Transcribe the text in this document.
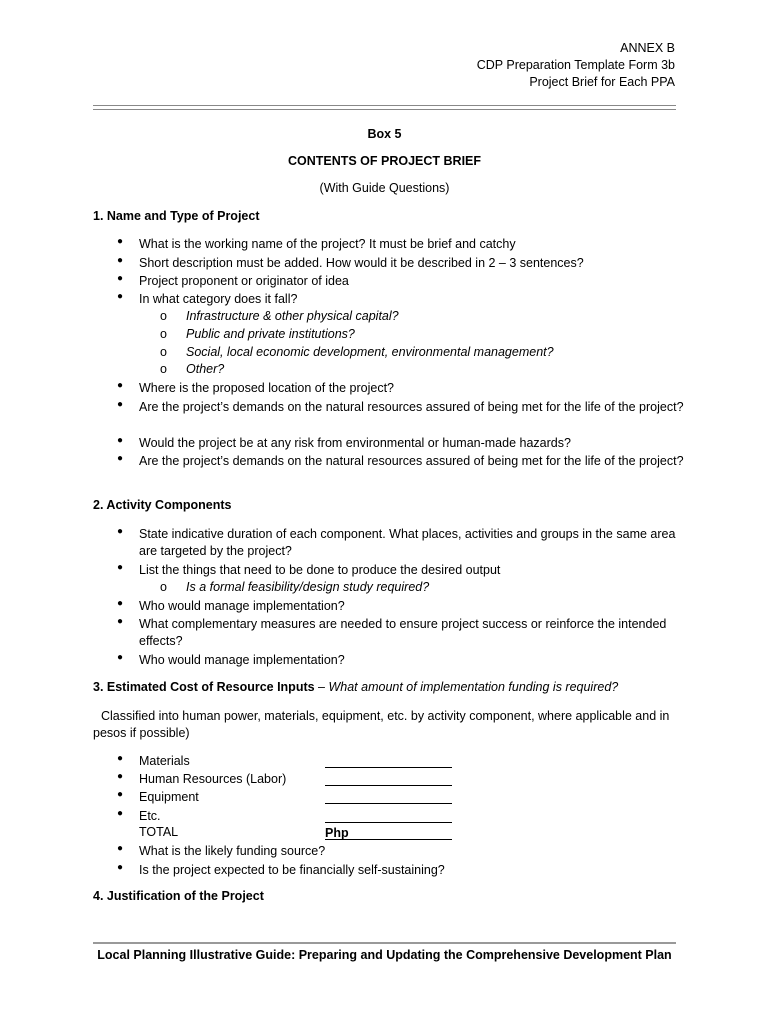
ANNEX B
CDP Preparation Template Form 3b
Project Brief for Each PPA
Box 5
CONTENTS OF PROJECT BRIEF
(With Guide Questions)
1. Name and Type of Project
● What is the working name of the project? It must be brief and catchy
● Short description must be added. How would it be described in 2 – 3 sentences?
● Project proponent or originator of idea
● In what category does it fall?
o Infrastructure & other physical capital?
o Public and private institutions?
o Social, local economic development, environmental management?
o Other?
● Where is the proposed location of the project?
● Are the project’s demands on the natural resources assured of being met for the life of the project?
● Would the project be at any risk from environmental or human-made hazards?
● Are the project’s demands on the natural resources assured of being met for the life of the project?
2. Activity Components
● State indicative duration of each component. What places, activities and groups in the same area are targeted by the project?
● List the things that need to be done to produce the desired output
o Is a formal feasibility/design study required?
● Who would manage implementation?
● What complementary measures are needed to ensure project success or reinforce the intended effects?
● Who would manage implementation?
3. Estimated Cost of Resource Inputs – What amount of implementation funding is required?
Classified into human power, materials, equipment, etc. by activity component, where applicable and in pesos if possible)
● Materials
● Human Resources (Labor)
● Equipment
● Etc.
TOTAL	Php
● What is the likely funding source?
● Is the project expected to be financially self-sustaining?
4. Justification of the Project
Local Planning Illustrative Guide: Preparing and Updating the Comprehensive Development Plan
